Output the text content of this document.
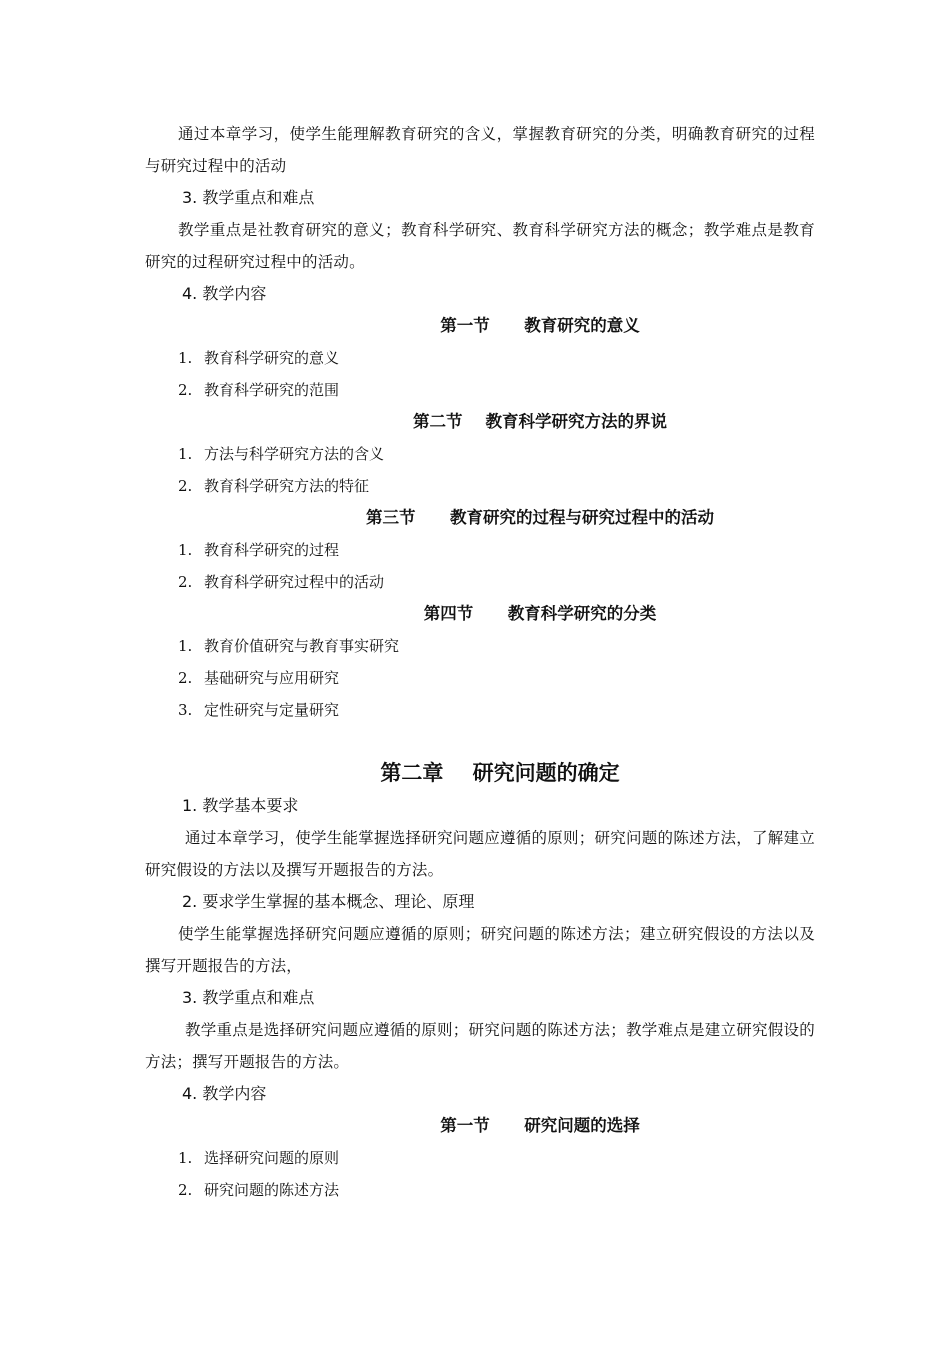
通过本章学习，使学生能理解教育研究的含义，掌握教育研究的分类，明确教育研究的过程与研究过程中的活动

3. 教学重点和难点

教学重点是社教育研究的意义；教育科学研究、教育科学研究方法的概念；教学难点是教育研究的过程研究过程中的活动。

4. 教学内容

第一节      教育研究的意义

1. 教育科学研究的意义

2. 教育科学研究的范围

第二节    教育科学研究方法的界说

1. 方法与科学研究方法的含义

2. 教育科学研究方法的特征

第三节      教育研究的过程与研究过程中的活动

1. 教育科学研究的过程

2. 教育科学研究过程中的活动

第四节      教育科学研究的分类

1. 教育价值研究与教育事实研究

2. 基础研究与应用研究

3. 定性研究与定量研究

第二章    研究问题的确定

1. 教学基本要求

通过本章学习，使学生能掌握选择研究问题应遵循的原则；研究问题的陈述方法，了解建立研究假设的方法以及撰写开题报告的方法。

2. 要求学生掌握的基本概念、理论、原理

使学生能掌握选择研究问题应遵循的原则；研究问题的陈述方法；建立研究假设的方法以及撰写开题报告的方法，

3. 教学重点和难点

教学重点是选择研究问题应遵循的原则；研究问题的陈述方法；教学难点是建立研究假设的方法；撰写开题报告的方法。

4. 教学内容

第一节      研究问题的选择

1. 选择研究问题的原则

2. 研究问题的陈述方法
